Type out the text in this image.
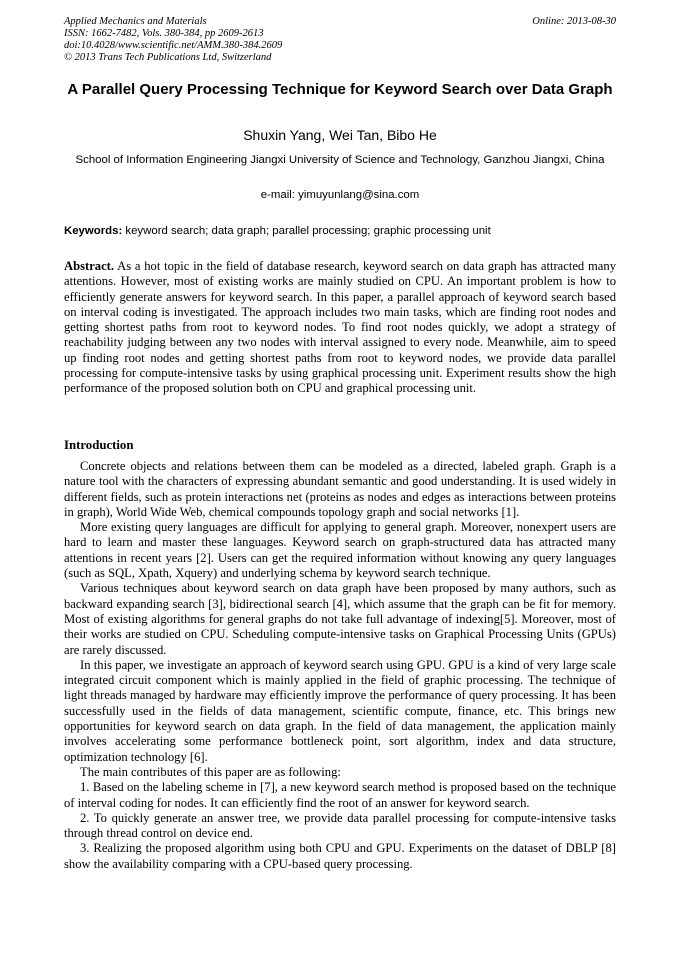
Applied Mechanics and Materials
ISSN: 1662-7482, Vols. 380-384, pp 2609-2613
doi:10.4028/www.scientific.net/AMM.380-384.2609
© 2013 Trans Tech Publications Ltd, Switzerland
Online: 2013-08-30
A Parallel Query Processing Technique for Keyword Search over Data Graph
Shuxin Yang, Wei Tan, Bibo He
School of Information Engineering Jiangxi University of Science and Technology, Ganzhou Jiangxi, China
e-mail: yimuyunlang@sina.com
Keywords: keyword search; data graph; parallel processing; graphic processing unit

Abstract. As a hot topic in the field of database research, keyword search on data graph has attracted many attentions. However, most of existing works are mainly studied on CPU. An important problem is how to efficiently generate answers for keyword search. In this paper, a parallel approach of keyword search based on interval coding is investigated. The approach includes two main tasks, which are finding root nodes and getting shortest paths from root to keyword nodes. To find root nodes quickly, we adopt a strategy of reachability judging between any two nodes with interval assigned to every node. Meanwhile, aim to speed up finding root nodes and getting shortest paths from root to keyword nodes, we provide data parallel processing for compute-intensive tasks by using graphical processing unit. Experiment results show the high performance of the proposed solution both on CPU and graphical processing unit.

Introduction

Concrete objects and relations between them can be modeled as a directed, labeled graph. Graph is a nature tool with the characters of expressing abundant semantic and good understanding. It is used widely in different fields, such as protein interactions net (proteins as nodes and edges as interactions between proteins in graph), World Wide Web, chemical compounds topology graph and social networks [1].

More existing query languages are difficult for applying to general graph. Moreover, nonexpert users are hard to learn and master these languages. Keyword search on graph-structured data has attracted many attentions in recent years [2]. Users can get the required information without knowing any query languages (such as SQL, Xpath, Xquery) and underlying schema by keyword search technique.

Various techniques about keyword search on data graph have been proposed by many authors, such as backward expanding search [3], bidirectional search [4], which assume that the graph can be fit for memory. Most of existing algorithms for general graphs do not take full advantage of indexing[5]. Moreover, most of their works are studied on CPU. Scheduling compute-intensive tasks on Graphical Processing Units (GPUs) are rarely discussed.

In this paper, we investigate an approach of keyword search using GPU. GPU is a kind of very large scale integrated circuit component which is mainly applied in the field of graphic processing. The technique of light threads managed by hardware may efficiently improve the performance of query processing. It has been successfully used in the fields of data management, scientific compute, finance, etc. This brings new opportunities for keyword search on data graph. In the field of data management, the application mainly involves accelerating some performance bottleneck point, sort algorithm, index and data structure, optimization technology [6].

The main contributes of this paper are as following:

1. Based on the labeling scheme in [7], a new keyword search method is proposed based on the technique of interval coding for nodes. It can efficiently find the root of an answer for keyword search.

2. To quickly generate an answer tree, we provide data parallel processing for compute-intensive tasks through thread control on device end.

3. Realizing the proposed algorithm using both CPU and GPU. Experiments on the dataset of DBLP [8] show the availability comparing with a CPU-based query processing.
